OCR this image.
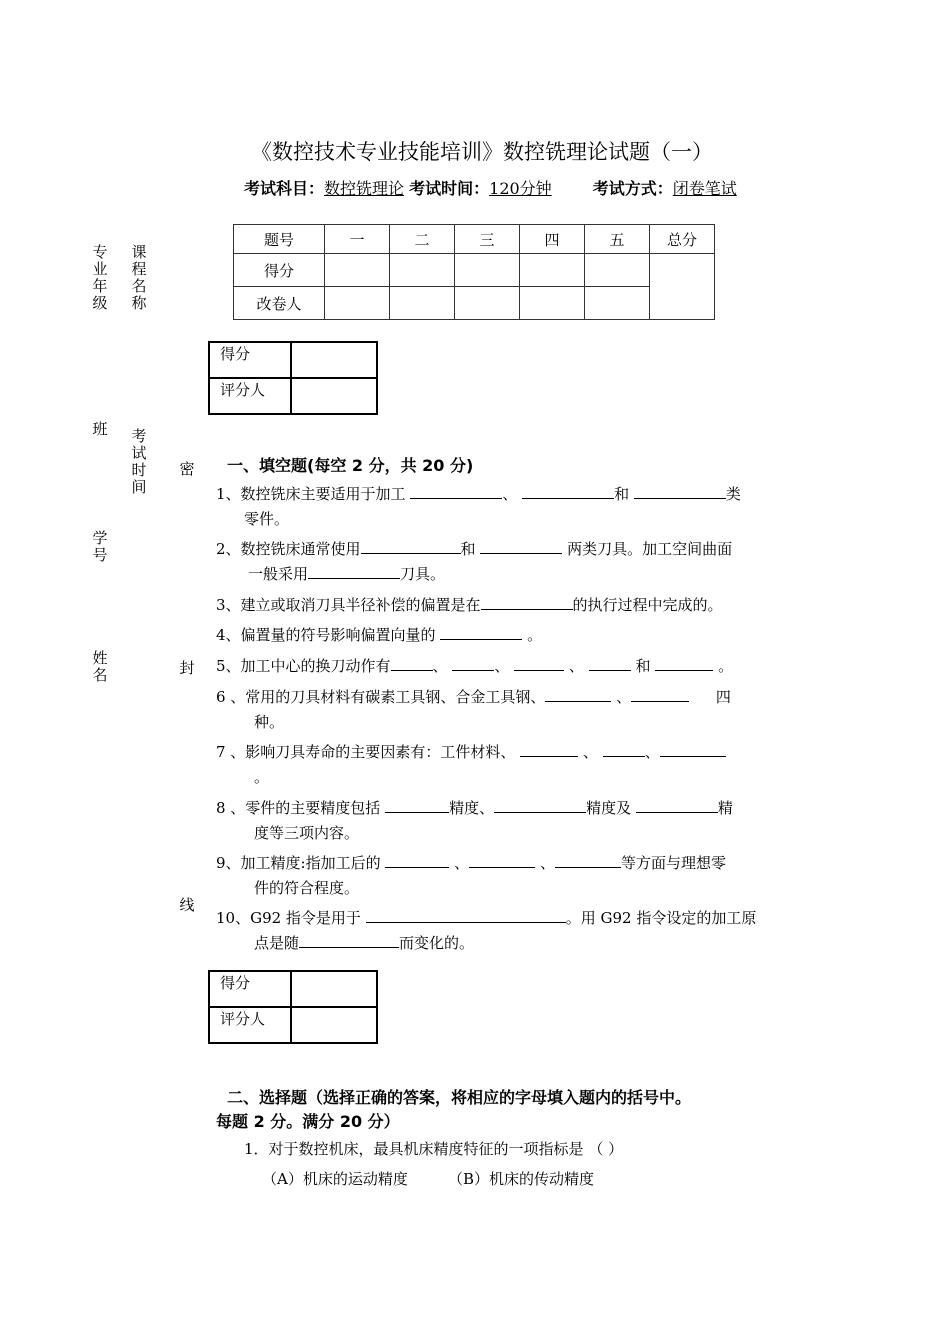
《数控技术专业技能培训》数控铣理论试题（一）
考试科目：数控铣理论 考试时间：120分钟	考试方式：闭卷笔试
专业年级
课程名称
班 考试时间
学号
姓名
密
封
线
题号	一	二	三	四	五	总分
得分						
改卷人						
得分	
评分人	
一、填空题(每空 2 分，共 20 分)
1、数控铣床主要适用于加工	、	和	类
零件。
2、数控铣床通常使用	和	两类刀具。加工空间曲面
一般采用	刀具。
3、建立或取消刀具半径补偿的偏置是在	的执行过程中完成的。
4、偏置量的符号影响偏置向量的	。
5、加工中心的换刀动作有	、	、	、	和	。
6 、常用的刀具材料有碳素工具钢、合金工具钢、	、	四
种。
7 、影响刀具寿命的主要因素有：工件材料、	、	、
。
8 、零件的主要精度包括	精度、	精度及	精
度等三项内容。
9、加工精度:指加工后的	、	、	等方面与理想零
件的符合程度。
10、G92 指令是用于	。用 G92 指令设定的加工原
点是随	而变化的。
得分	
评分人	
二、选择题（选择正确的答案，将相应的字母填入题内的括号中。
每题 2 分。满分 20 分）
1．对于数控机床，最具机床精度特征的一项指标是 （ ）
（A）机床的运动精度	（B）机床的传动精度
